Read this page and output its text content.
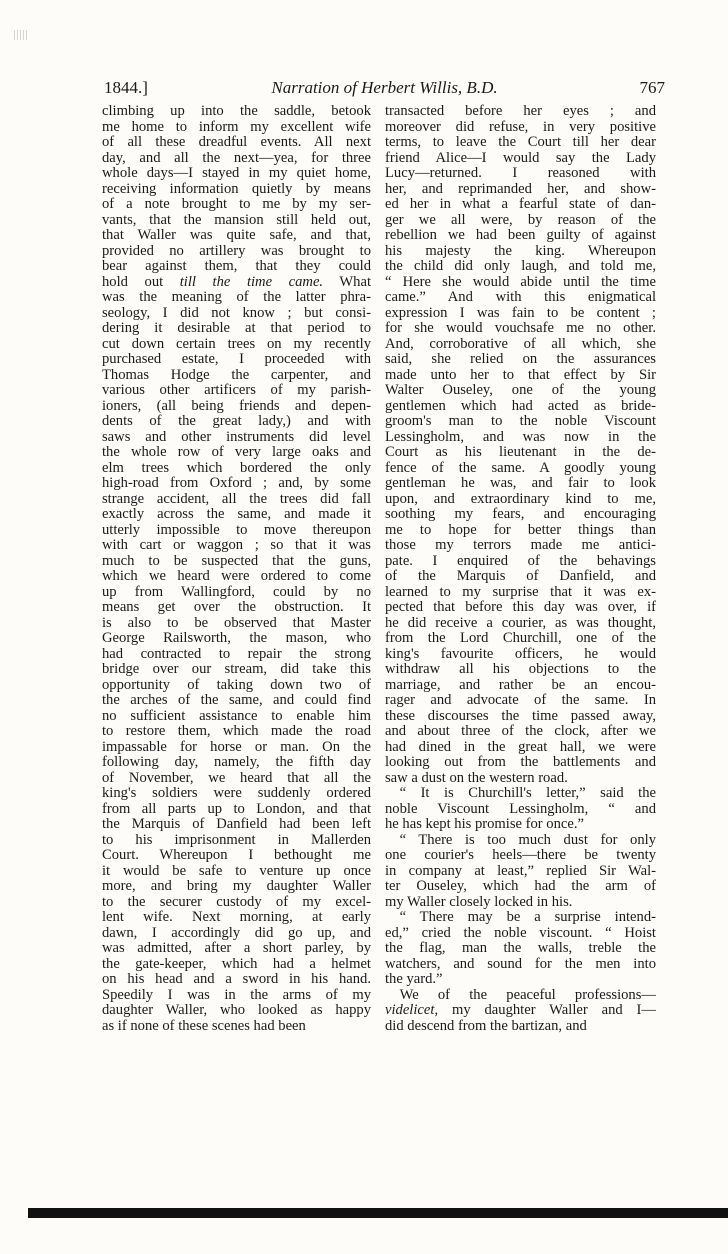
1844.]	Narration of Herbert Willis, B.D.	767
climbing up into the saddle, betook
me home to inform my excellent wife
of all these dreadful events. All next
day, and all the next—yea, for three
whole days—I stayed in my quiet home,
receiving information quietly by means
of a note brought to me by my ser-
vants, that the mansion still held out,
that Waller was quite safe, and that,
provided no artillery was brought to
bear against them, that they could
hold out till the time came. What
was the meaning of the latter phra-
seology, I did not know ; but consi-
dering it desirable at that period to
cut down certain trees on my recently
purchased estate, I proceeded with
Thomas Hodge the carpenter, and
various other artificers of my parish-
ioners, (all being friends and depen-
dents of the great lady,) and with
saws and other instruments did level
the whole row of very large oaks and
elm trees which bordered the only
high-road from Oxford ; and, by some
strange accident, all the trees did fall
exactly across the same, and made it
utterly impossible to move thereupon
with cart or waggon ; so that it was
much to be suspected that the guns,
which we heard were ordered to come
up from Wallingford, could by no
means get over the obstruction. It
is also to be observed that Master
George Railsworth, the mason, who
had contracted to repair the strong
bridge over our stream, did take this
opportunity of taking down two of
the arches of the same, and could find
no sufficient assistance to enable him
to restore them, which made the road
impassable for horse or man. On the
following day, namely, the fifth day
of November, we heard that all the
king's soldiers were suddenly ordered
from all parts up to London, and that
the Marquis of Danfield had been left
to his imprisonment in Mallerden
Court. Whereupon I bethought me
it would be safe to venture up once
more, and bring my daughter Waller
to the securer custody of my excel-
lent wife. Next morning, at early
dawn, I accordingly did go up, and
was admitted, after a short parley, by
the gate-keeper, which had a helmet
on his head and a sword in his hand.
Speedily I was in the arms of my
daughter Waller, who looked as happy
as if none of these scenes had been
transacted before her eyes ; and
moreover did refuse, in very positive
terms, to leave the Court till her dear
friend Alice—I would say the Lady
Lucy—returned. I reasoned with
her, and reprimanded her, and show-
ed her in what a fearful state of dan-
ger we all were, by reason of the
rebellion we had been guilty of against
his majesty the king. Whereupon
the child did only laugh, and told me,
“ Here she would abide until the time
came.” And with this enigmatical
expression I was fain to be content ;
for she would vouchsafe me no other.
And, corroborative of all which, she
said, she relied on the assurances
made unto her to that effect by Sir
Walter Ouseley, one of the young
gentlemen which had acted as bride-
groom's man to the noble Viscount
Lessingholm, and was now in the
Court as his lieutenant in the de-
fence of the same. A goodly young
gentleman he was, and fair to look
upon, and extraordinary kind to me,
soothing my fears, and encouraging
me to hope for better things than
those my terrors made me antici-
pate. I enquired of the behavings
of the Marquis of Danfield, and
learned to my surprise that it was ex-
pected that before this day was over, if
he did receive a courier, as was thought,
from the Lord Churchill, one of the
king's favourite officers, he would
withdraw all his objections to the
marriage, and rather be an encou-
rager and advocate of the same. In
these discourses the time passed away,
and about three of the clock, after we
had dined in the great hall, we were
looking out from the battlements and
saw a dust on the western road.
 “ It is Churchill's letter,” said the
noble Viscount Lessingholm, “ and
he has kept his promise for once.”
 “ There is too much dust for only
one courier's heels—there be twenty
in company at least,” replied Sir Wal-
ter Ouseley, which had the arm of
my Waller closely locked in his.
 “ There may be a surprise intend-
ed,” cried the noble viscount. “ Hoist
the flag, man the walls, treble the
watchers, and sound for the men into
the yard.”
 We of the peaceful professions—
videlicet, my daughter Waller and I—
did descend from the bartizan, and
